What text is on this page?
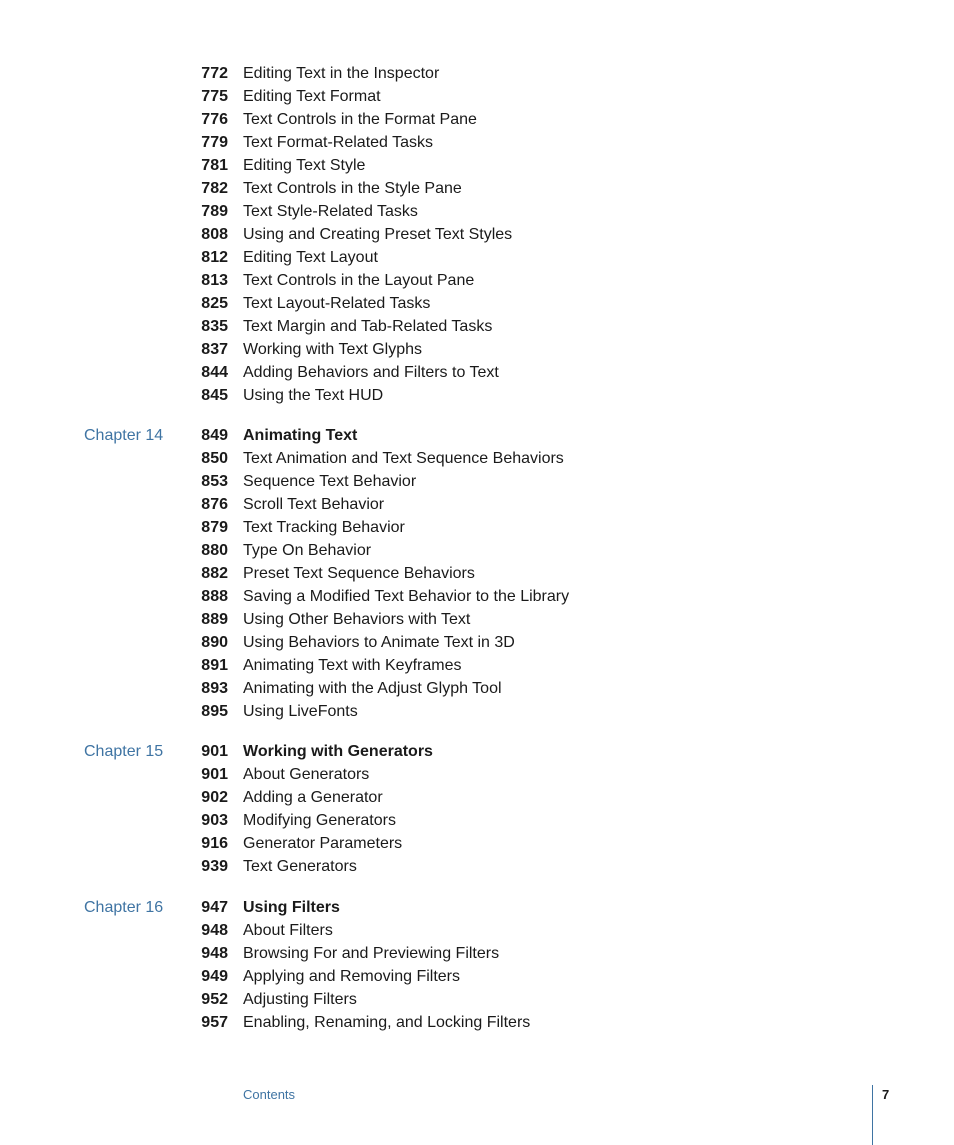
772 Editing Text in the Inspector
775 Editing Text Format
776 Text Controls in the Format Pane
779 Text Format-Related Tasks
781 Editing Text Style
782 Text Controls in the Style Pane
789 Text Style-Related Tasks
808 Using and Creating Preset Text Styles
812 Editing Text Layout
813 Text Controls in the Layout Pane
825 Text Layout-Related Tasks
835 Text Margin and Tab-Related Tasks
837 Working with Text Glyphs
844 Adding Behaviors and Filters to Text
845 Using the Text HUD
Chapter 14	849 Animating Text
850 Text Animation and Text Sequence Behaviors
853 Sequence Text Behavior
876 Scroll Text Behavior
879 Text Tracking Behavior
880 Type On Behavior
882 Preset Text Sequence Behaviors
888 Saving a Modified Text Behavior to the Library
889 Using Other Behaviors with Text
890 Using Behaviors to Animate Text in 3D
891 Animating Text with Keyframes
893 Animating with the Adjust Glyph Tool
895 Using LiveFonts
Chapter 15	901 Working with Generators
901 About Generators
902 Adding a Generator
903 Modifying Generators
916 Generator Parameters
939 Text Generators
Chapter 16	947 Using Filters
948 About Filters
948 Browsing For and Previewing Filters
949 Applying and Removing Filters
952 Adjusting Filters
957 Enabling, Renaming, and Locking Filters
Contents	7
